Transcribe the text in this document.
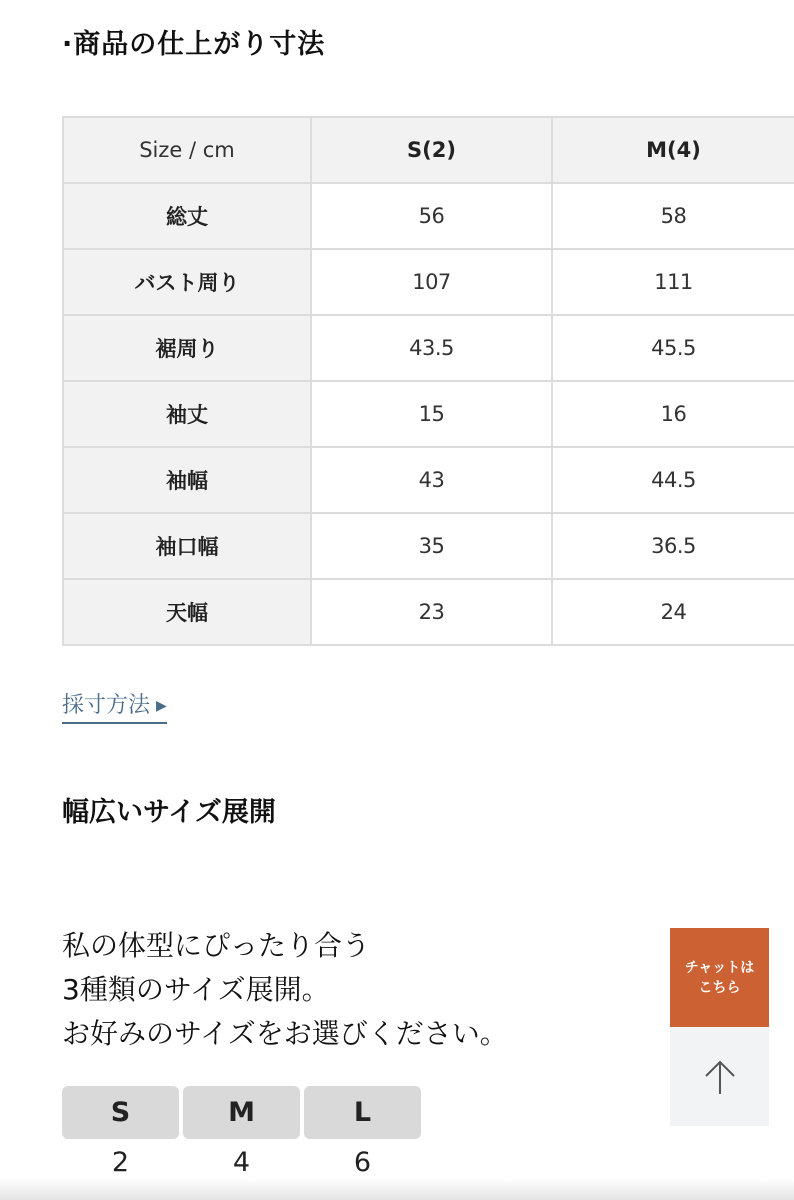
·商品の仕上がり寸法
Size / cm	S(2)	M(4)
総丈	56	58
バスト周り	107	111
裾周り	43.5	45.5
袖丈	15	16
袖幅	43	44.5
袖口幅	35	36.5
天幅	23	24
採寸方法 ▶
幅広いサイズ展開
私の体型にぴったり合う
3種類のサイズ展開。
お好みのサイズをお選びください。
S	M	L
2	4	6
チャットは
こちら
